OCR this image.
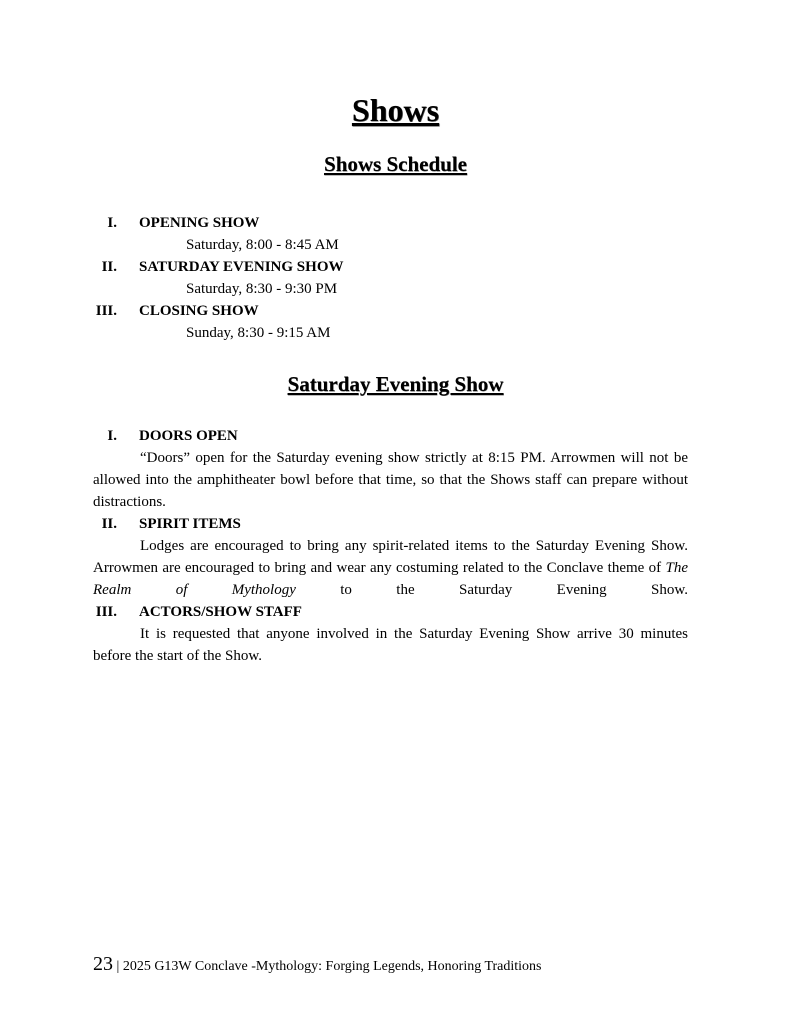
Shows
Shows Schedule
I. OPENING SHOW
Saturday, 8:00 - 8:45 AM
II. SATURDAY EVENING SHOW
Saturday, 8:30 - 9:30 PM
III. CLOSING SHOW
Sunday, 8:30 - 9:15 AM
Saturday Evening Show
I. DOORS OPEN

“Doors” open for the Saturday evening show strictly at 8:15 PM. Arrowmen will not be allowed into the amphitheater bowl before that time, so that the Shows staff can prepare without distractions.

II. SPIRIT ITEMS

Lodges are encouraged to bring any spirit-related items to the Saturday Evening Show. Arrowmen are encouraged to bring and wear any costuming related to the Conclave theme of The Realm of Mythology to the Saturday Evening Show.

III. ACTORS/SHOW STAFF

It is requested that anyone involved in the Saturday Evening Show arrive 30 minutes before the start of the Show.

23 | 2025 G13W Conclave -Mythology: Forging Legends, Honoring Traditions
